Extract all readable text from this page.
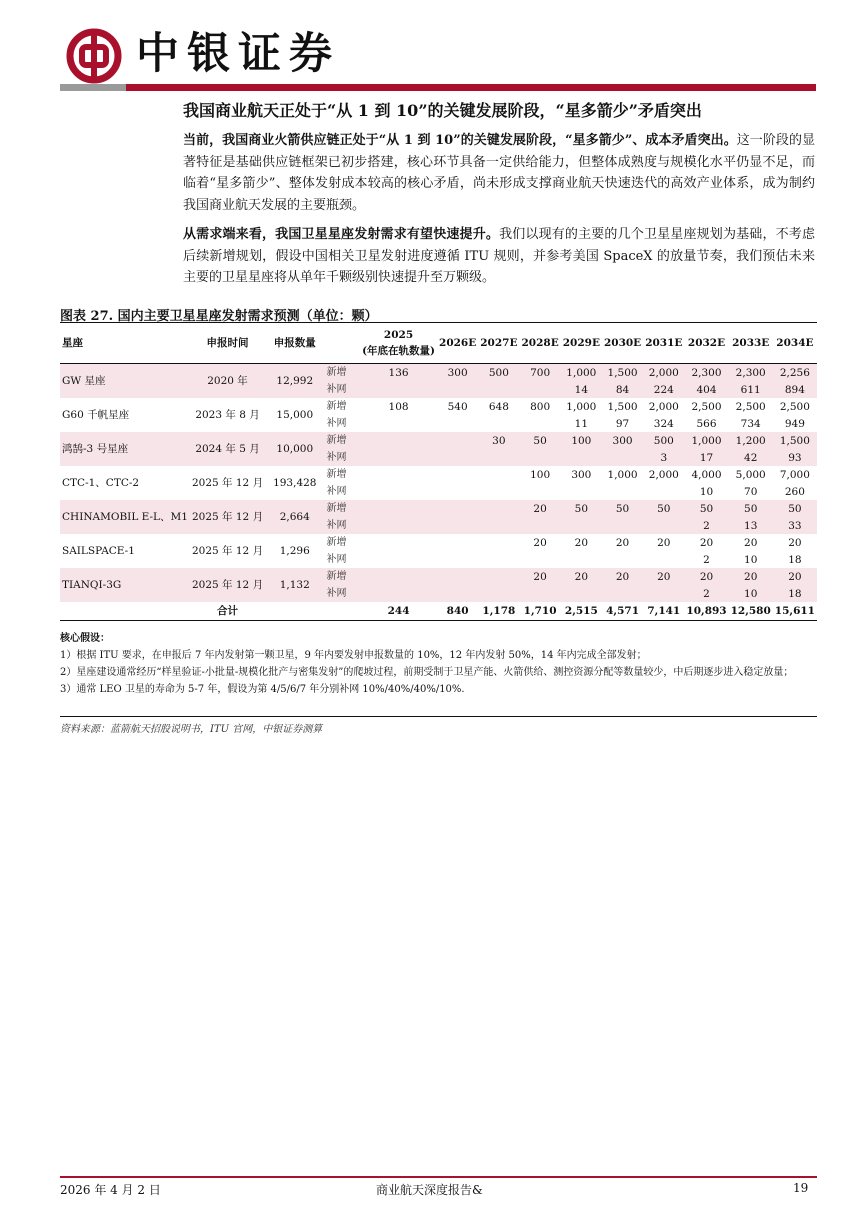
中银证券
我国商业航天正处于“从 1 到 10”的关键发展阶段，“星多箭少”矛盾突出

当前，我国商业火箭供应链正处于“从 1 到 10”的关键发展阶段，“星多箭少”、成本矛盾突出。这一阶段的显著特征是基础供应链框架已初步搭建，核心环节具备一定供给能力，但整体成熟度与规模化水平仍显不足，而临着“星多箭少”、整体发射成本较高的核心矛盾，尚未形成支撑商业航天快速迭代的高效产业体系，成为制约我国商业航天发展的主要瓶颈。

从需求端来看，我国卫星星座发射需求有望快速提升。我们以现有的主要的几个卫星星座规划为基础，不考虑后续新增规划，假设中国相关卫星发射进度遵循 ITU 规则，并参考美国 SpaceX 的放量节奏，我们预估未来主要的卫星星座将从单年千颗级别快速提升至万颗级。

图表 27. 国内主要卫星星座发射需求预测（单位：颗）
星座	申报时间	申报数量		2025
(年底在轨数量)	2026E	2027E	2028E	2029E	2030E	2031E	2032E	2033E	2034E
GW 星座	2020 年	12,992	新增	136	300	500	700	1,000	1,500	2,000	2,300	2,300	2,256
			补网					14	84	224	404	611	894
G60 千帆星座	2023 年 8 月	15,000	新增	108	540	648	800	1,000	1,500	2,000	2,500	2,500	2,500
			补网					11	97	324	566	734	949
鸿鹄-3 号星座	2024 年 5 月	10,000	新增			30	50	100	300	500	1,000	1,200	1,500
			补网							3	17	42	93
CTC-1、CTC-2	2025 年 12 月	193,428	新增				100	300	1,000	2,000	4,000	5,000	7,000
			补网								10	70	260
CHINAMOBIL E-L、M1	2025 年 12 月	2,664	新增				20	50	50	50	50	50	50
			补网								2	13	33
SAILSPACE-1	2025 年 12 月	1,296	新增				20	20	20	20	20	20	20
			补网								2	10	18
TIANQI-3G	2025 年 12 月	1,132	新增				20	20	20	20	20	20	20
			补网								2	10	18
	合计			244	840	1,178	1,710	2,515	4,571	7,141	10,893	12,580	15,611

核心假设：

1）根据 ITU 要求，在申报后 7 年内发射第一颗卫星，9 年内要发射申报数量的 10%，12 年内发射 50%，14 年内完成全部发射；

2）星座建设通常经历“样星验证-小批量-规模化批产与密集发射”的爬坡过程，前期受制于卫星产能、火箭供给、测控资源分配等数量较少，中后期逐步进入稳定放量；

3）通常 LEO 卫星的寿命为 5-7 年，假设为第 4/5/6/7 年分别补网 10%/40%/40%/10%.

资料来源：蓝箭航天招股说明书，ITU 官网，中银证券测算
2026 年 4 月 2 日	商业航天深度报告&	19
